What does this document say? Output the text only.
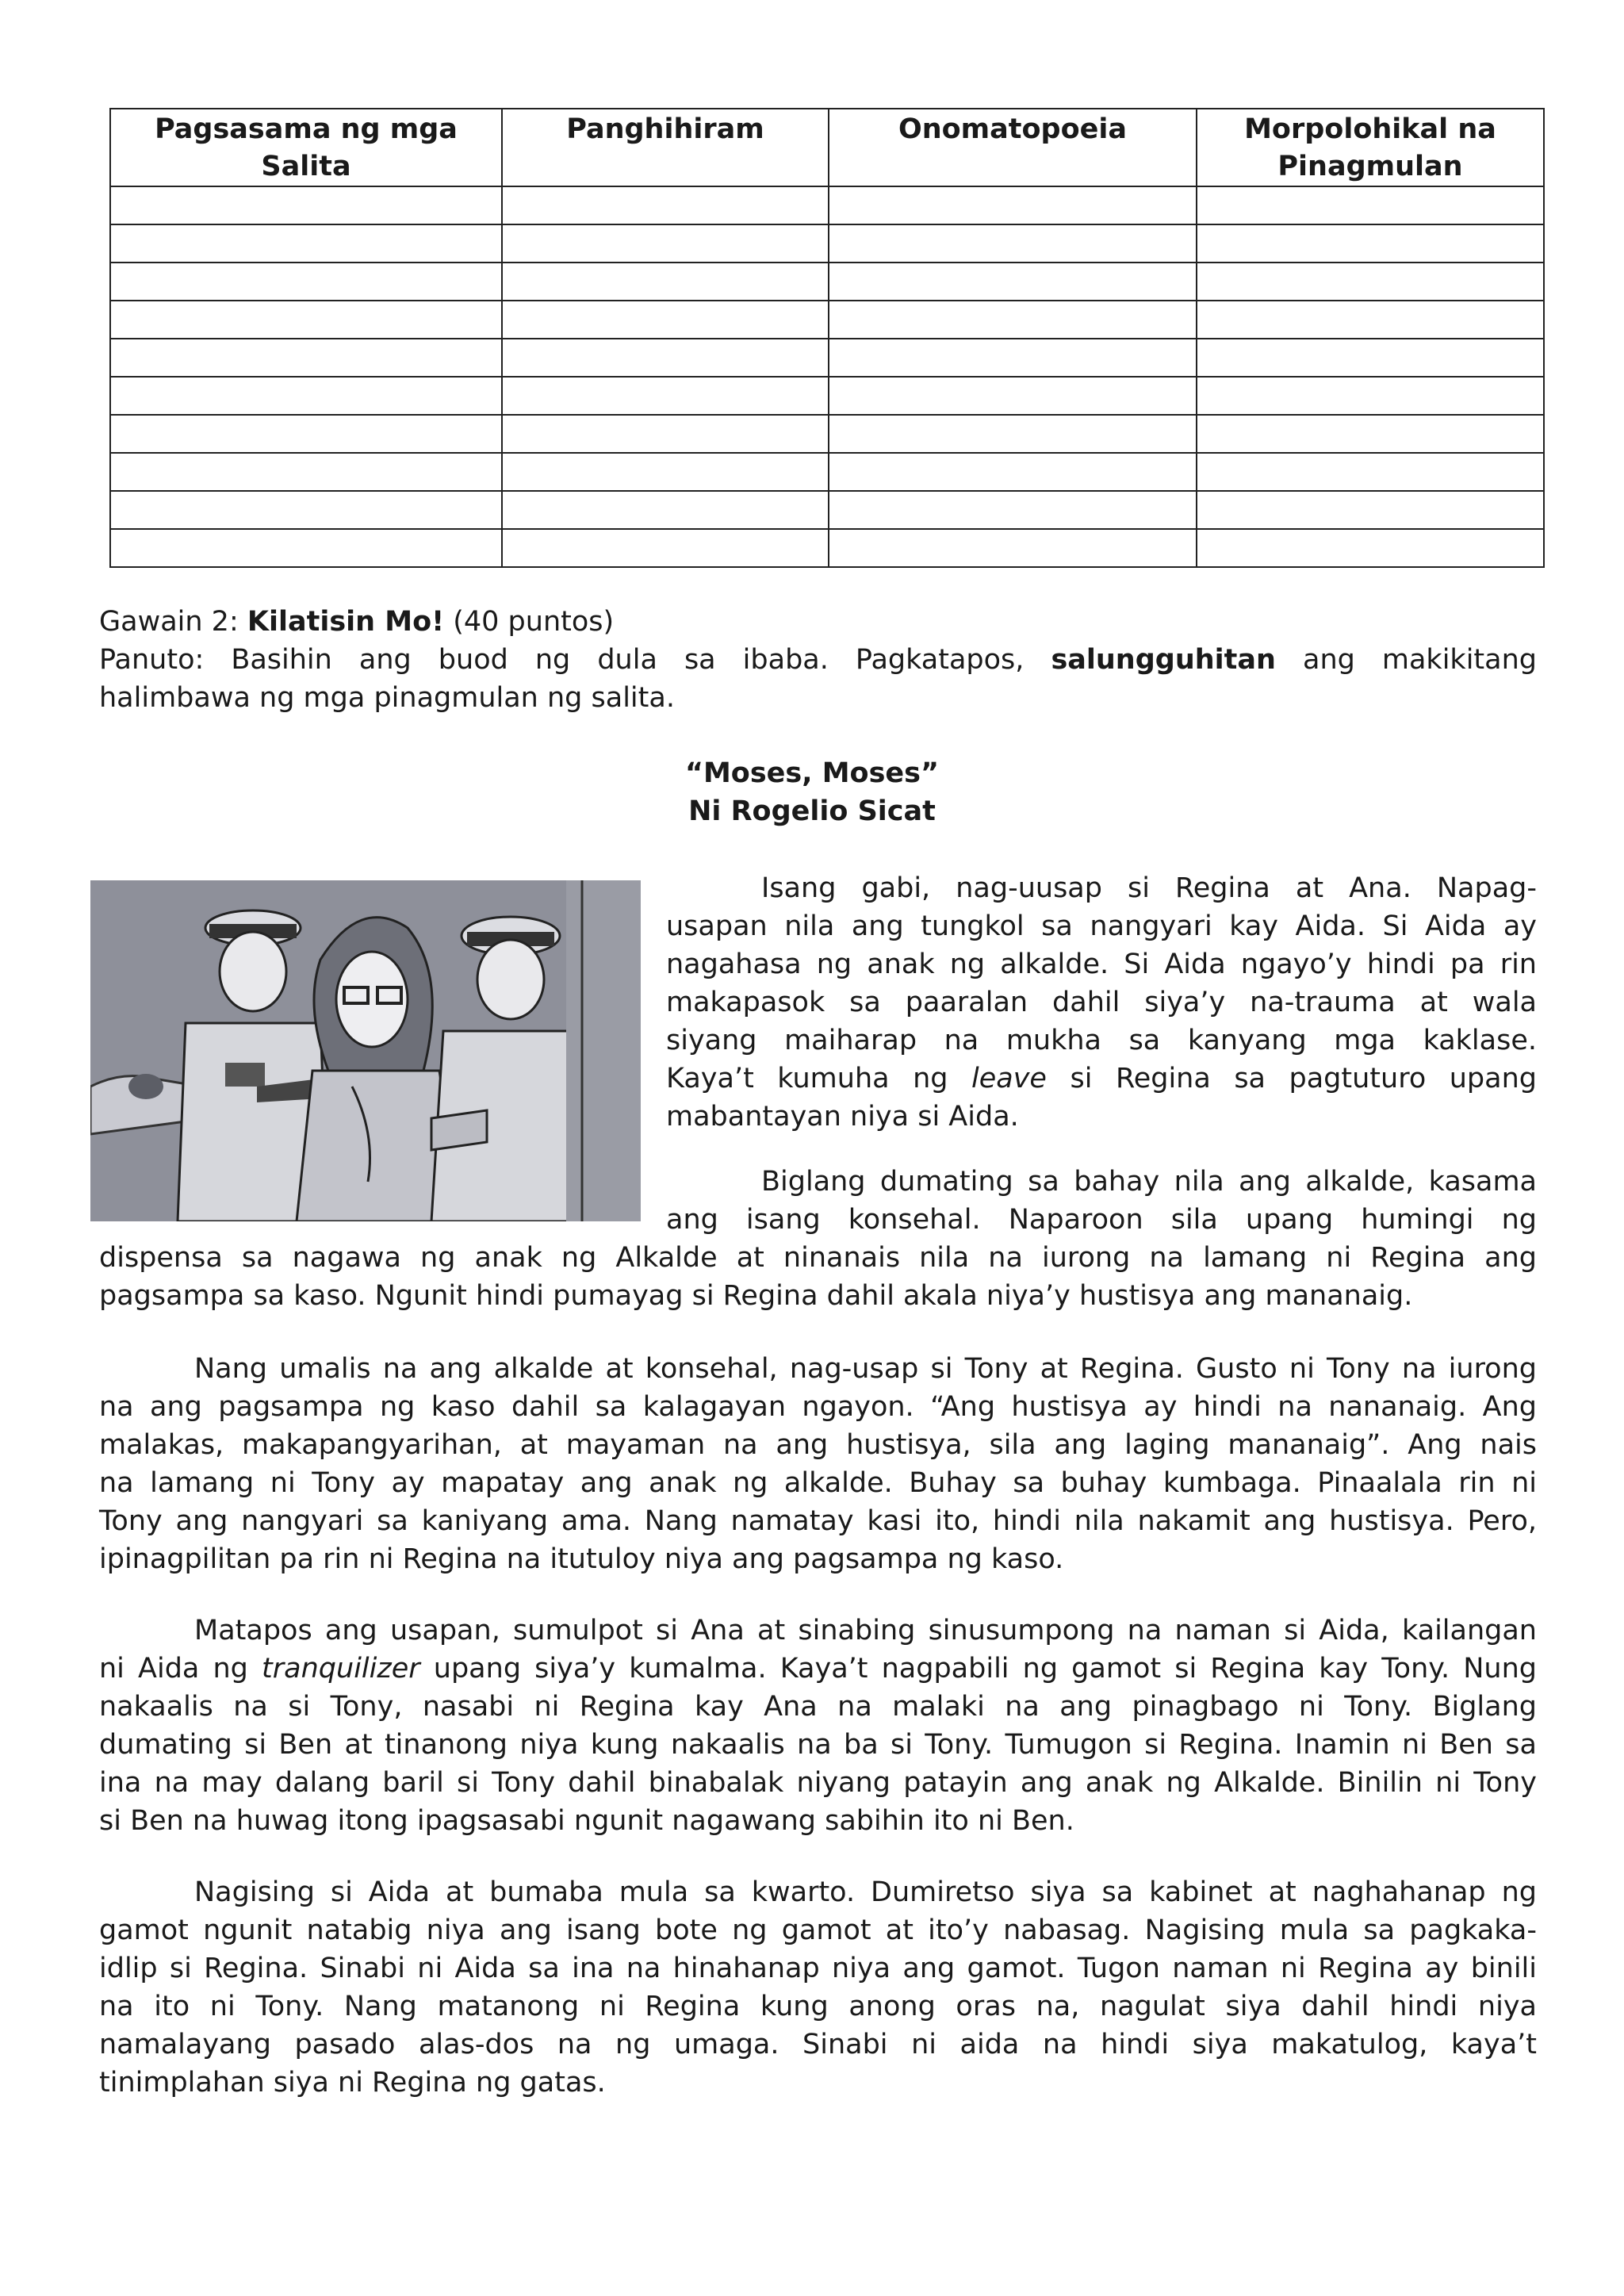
Pagsasama ng mga Salita	Panghihiram	Onomatopoeia	Morpolohikal na Pinagmulan

Gawain 2: Kilatisin Mo! (40 puntos)
Panuto: Basihin ang buod ng dula sa ibaba. Pagkatapos, salungguhitan ang makikitang
halimbawa ng mga pinagmulan ng salita.
“Moses, Moses”
Ni Rogelio Sicat
Isang gabi, nag-uusap si Regina at Ana. Napag-
usapan nila ang tungkol sa nangyari kay Aida. Si Aida ay
nagahasa ng anak ng alkalde. Si Aida ngayo’y hindi pa rin
makapasok sa paaralan dahil siya’y na-trauma at wala
siyang maiharap na mukha sa kanyang mga kaklase.
Kaya’t kumuha ng leave si Regina sa pagtuturo upang
mabantayan niya si Aida.
Biglang dumating sa bahay nila ang alkalde, kasama
ang isang konsehal. Naparoon sila upang humingi ng
dispensa sa nagawa ng anak ng Alkalde at ninanais nila na iurong na lamang ni Regina ang
pagsampa sa kaso. Ngunit hindi pumayag si Regina dahil akala niya’y hustisya ang mananaig.
Nang umalis na ang alkalde at konsehal, nag-usap si Tony at Regina. Gusto ni Tony na iurong
na ang pagsampa ng kaso dahil sa kalagayan ngayon. “Ang hustisya ay hindi na nananaig. Ang
malakas, makapangyarihan, at mayaman na ang hustisya, sila ang laging mananaig”. Ang nais
na lamang ni Tony ay mapatay ang anak ng alkalde. Buhay sa buhay kumbaga. Pinaalala rin ni
Tony ang nangyari sa kaniyang ama. Nang namatay kasi ito, hindi nila nakamit ang hustisya. Pero,
ipinagpilitan pa rin ni Regina na itutuloy niya ang pagsampa ng kaso.
Matapos ang usapan, sumulpot si Ana at sinabing sinusumpong na naman si Aida, kailangan
ni Aida ng tranquilizer upang siya’y kumalma. Kaya’t nagpabili ng gamot si Regina kay Tony. Nung
nakaalis na si Tony, nasabi ni Regina kay Ana na malaki na ang pinagbago ni Tony. Biglang
dumating si Ben at tinanong niya kung nakaalis na ba si Tony. Tumugon si Regina. Inamin ni Ben sa
ina na may dalang baril si Tony dahil binabalak niyang patayin ang anak ng Alkalde. Binilin ni Tony
si Ben na huwag itong ipagsasabi ngunit nagawang sabihin ito ni Ben.
Nagising si Aida at bumaba mula sa kwarto. Dumiretso siya sa kabinet at naghahanap ng
gamot ngunit natabig niya ang isang bote ng gamot at ito’y nabasag. Nagising mula sa pagkaka-
idlip si Regina. Sinabi ni Aida sa ina na hinahanap niya ang gamot. Tugon naman ni Regina ay binili
na ito ni Tony. Nang matanong ni Regina kung anong oras na, nagulat siya dahil hindi niya
namalayang pasado alas-dos na ng umaga. Sinabi ni aida na hindi siya makatulog, kaya’t
tinimplahan siya ni Regina ng gatas.
